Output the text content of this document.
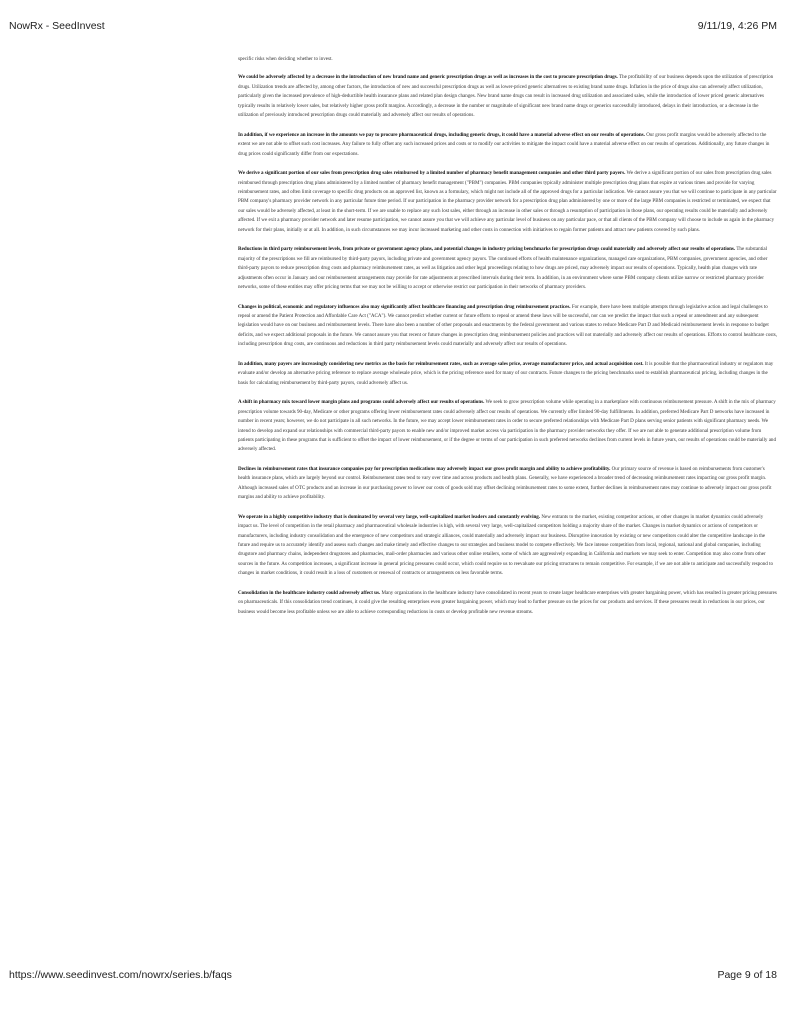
NowRx - SeedInvest	9/11/19, 4:26 PM

specific risks when deciding whether to invest.

We could be adversely affected by a decrease in the introduction of new brand name and generic prescription drugs as well as increases in the cost to procure prescription drugs. The profitability of our business depends upon the utilization of prescription drugs. Utilization trends are affected by, among other factors, the introduction of new and successful prescription drugs as well as lower-priced generic alternatives to existing brand name drugs. Inflation in the price of drugs also can adversely affect utilization, particularly given the increased prevalence of high-deductible health insurance plans and related plan design changes. New brand name drugs can result in increased drug utilization and associated sales, while the introduction of lower priced generic alternatives typically results in relatively lower sales, but relatively higher gross profit margins. Accordingly, a decrease in the number or magnitude of significant new brand name drugs or generics successfully introduced, delays in their introduction, or a decrease in the utilization of previously introduced prescription drugs could materially and adversely affect our results of operations.

In addition, if we experience an increase in the amounts we pay to procure pharmaceutical drugs, including generic drugs, it could have a material adverse effect on our results of operations. Our gross profit margins would be adversely affected to the extent we are not able to offset such cost increases. Any failure to fully offset any such increased prices and costs or to modify our activities to mitigate the impact could have a material adverse effect on our results of operations. Additionally, any future changes in drug prices could significantly differ from our expectations.

We derive a significant portion of our sales from prescription drug sales reimbursed by a limited number of pharmacy benefit management companies and other third party payers. We derive a significant portion of our sales from prescription drug sales reimbursed through prescription drug plans administered by a limited number of pharmacy benefit management ("PBM") companies. PBM companies typically administer multiple prescription drug plans that expire at various times and provide for varying reimbursement rates, and often limit coverage to specific drug products on an approved list, known as a formulary, which might not include all of the approved drugs for a particular indication. We cannot assure you that we will continue to participate in any particular PBM company's pharmacy provider network in any particular future time period. If our participation in the pharmacy provider network for a prescription drug plan administered by one or more of the large PBM companies is restricted or terminated, we expect that our sales would be adversely affected, at least in the short-term. If we are unable to replace any such lost sales, either through an increase in other sales or through a resumption of participation in those plans, our operating results could be materially and adversely affected. If we exit a pharmacy provider network and later resume participation, we cannot assure you that we will achieve any particular level of business on any particular pace, or that all clients of the PBM company will choose to include us again in the pharmacy network for their plans, initially or at all. In addition, in such circumstances we may incur increased marketing and other costs in connection with initiatives to regain former patients and attract new patients covered by such plans.

Reductions in third party reimbursement levels, from private or government agency plans, and potential changes in industry pricing benchmarks for prescription drugs could materially and adversely affect our results of operations. The substantial majority of the prescriptions we fill are reimbursed by third-party payors, including private and government agency payors. The continued efforts of health maintenance organizations, managed care organizations, PBM companies, government agencies, and other third-party payors to reduce prescription drug costs and pharmacy reimbursement rates, as well as litigation and other legal proceedings relating to how drugs are priced, may adversely impact our results of operations. Typically, health plan changes with rate adjustments often occur in January and our reimbursement arrangements may provide for rate adjustments at prescribed intervals during their term. In addition, in an environment where some PBM company clients utilize narrow or restricted pharmacy provider networks, some of these entities may offer pricing terms that we may not be willing to accept or otherwise restrict our participation in their networks of pharmacy providers.

Changes in political, economic and regulatory influences also may significantly affect healthcare financing and prescription drug reimbursement practices. For example, there have been multiple attempts through legislative action and legal challenges to repeal or amend the Patient Protection and Affordable Care Act ("ACA"). We cannot predict whether current or future efforts to repeal or amend these laws will be successful, nor can we predict the impact that such a repeal or amendment and any subsequent legislation would have on our business and reimbursement levels. There have also been a number of other proposals and enactments by the federal government and various states to reduce Medicare Part D and Medicaid reimbursement levels in response to budget deficits, and we expect additional proposals in the future. We cannot assure you that recent or future changes in prescription drug reimbursement policies and practices will not materially and adversely affect our results of operations. Efforts to control healthcare costs, including prescription drug costs, are continuous and reductions in third party reimbursement levels could materially and adversely affect our results of operations.

In addition, many payers are increasingly considering new metrics as the basis for reimbursement rates, such as average sales price, average manufacturer price, and actual acquisition cost. It is possible that the pharmaceutical industry or regulators may evaluate and/or develop an alternative pricing reference to replace average wholesale price, which is the pricing reference used for many of our contracts. Future changes to the pricing benchmarks used to establish pharmaceutical pricing, including changes in the basis for calculating reimbursement by third-party payors, could adversely affect us.

A shift in pharmacy mix toward lower margin plans and programs could adversely affect our results of operations. We seek to grow prescription volume while operating in a marketplace with continuous reimbursement pressure. A shift in the mix of pharmacy prescription volume towards 90-day, Medicare or other programs offering lower reimbursement rates could adversely affect our results of operations. We currently offer limited 90-day fulfillments. In addition, preferred Medicare Part D networks have increased in number in recent years; however, we do not participate in all such networks. In the future, we may accept lower reimbursement rates in order to secure preferred relationships with Medicare Part D plans serving senior patients with significant pharmacy needs. We intend to develop and expand our relationships with commercial third-party payors to enable new and/or improved market access via participation in the pharmacy provider networks they offer. If we are not able to generate additional prescription volume from patients participating in these programs that is sufficient to offset the impact of lower reimbursement, or if the degree or terms of our participation in such preferred networks declines from current levels in future years, our results of operations could be materially and adversely affected.

Declines in reimbursement rates that insurance companies pay for prescription medications may adversely impact our gross profit margin and ability to achieve profitability. Our primary source of revenue is based on reimbursements from customer's health insurance plans, which are largely beyond our control. Reimbursement rates tend to vary over time and across products and health plans. Generally, we have experienced a broader trend of decreasing reimbursement rates impacting our gross profit margin. Although increased sales of OTC products and an increase in our purchasing power to lower our costs of goods sold may offset declining reimbursement rates to some extent, further declines in reimbursement rates may continue to adversely impact our gross profit margins and ability to achieve profitability.

We operate in a highly competitive industry that is dominated by several very large, well-capitalized market leaders and constantly evolving. New entrants to the market, existing competitor actions, or other changes in market dynamics could adversely impact us. The level of competition in the retail pharmacy and pharmaceutical wholesale industries is high, with several very large, well-capitalized competitors holding a majority share of the market. Changes in market dynamics or actions of competitors or manufacturers, including industry consolidation and the emergence of new competitors and strategic alliances, could materially and adversely impact our business. Disruptive innovation by existing or new competitors could alter the competitive landscape in the future and require us to accurately identify and assess such changes and make timely and effective changes to our strategies and business model to compete effectively. We face intense competition from local, regional, national and global companies, including drugstore and pharmacy chains, independent drugstores and pharmacies, mail-order pharmacies and various other online retailers, some of which are aggressively expanding in California and markets we may seek to enter. Competition may also come from other sources in the future. As competition increases, a significant increase in general pricing pressures could occur, which could require us to reevaluate our pricing structures to remain competitive. For example, if we are not able to anticipate and successfully respond to changes in market conditions, it could result in a loss of customers or renewal of contracts or arrangements on less favorable terms.

Consolidation in the healthcare industry could adversely affect us. Many organizations in the healthcare industry have consolidated in recent years to create larger healthcare enterprises with greater bargaining power, which has resulted in greater pricing pressures on pharmaceuticals. If this consolidation trend continues, it could give the resulting enterprises even greater bargaining power, which may lead to further pressure on the prices for our products and services. If these pressures result in reductions in our prices, our business would become less profitable unless we are able to achieve corresponding reductions in costs or develop profitable new revenue streams.

https://www.seedinvest.com/nowrx/series.b/faqs	Page 9 of 18
